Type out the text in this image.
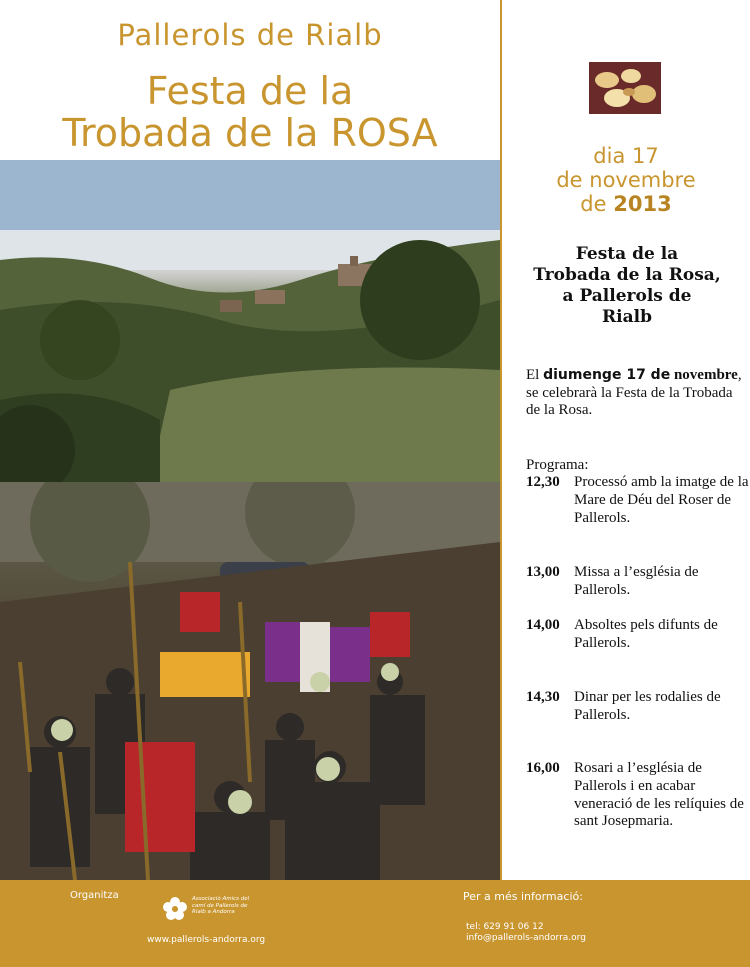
Pallerols de Rialb
Festa de la
Trobada de la ROSA
dia 17
de novembre
de 2013
Festa de la
Trobada de la Rosa,
a Pallerols de
Rialb
El diumenge 17 de novembre, se celebrarà la Festa de la Trobada de la Rosa.
Programa:
12,30 Processó amb la imatge de la Mare de Déu del Roser de Pallerols.
13,00 Missa a l’església de Pallerols.
14,00 Absoltes pels difunts de Pallerols.
14,30 Dinar per les rodalies de Pallerols.
16,00 Rosari a l’església de Pallerols i en acabar veneració de les relíquies de sant Josepmaria.
Organitza	Associació Amics del camí de Pallerols de Rialb a Andorra
www.pallerols-andorra.org
Per a més informació:
tel: 629 91 06 12
info@pallerols-andorra.org
